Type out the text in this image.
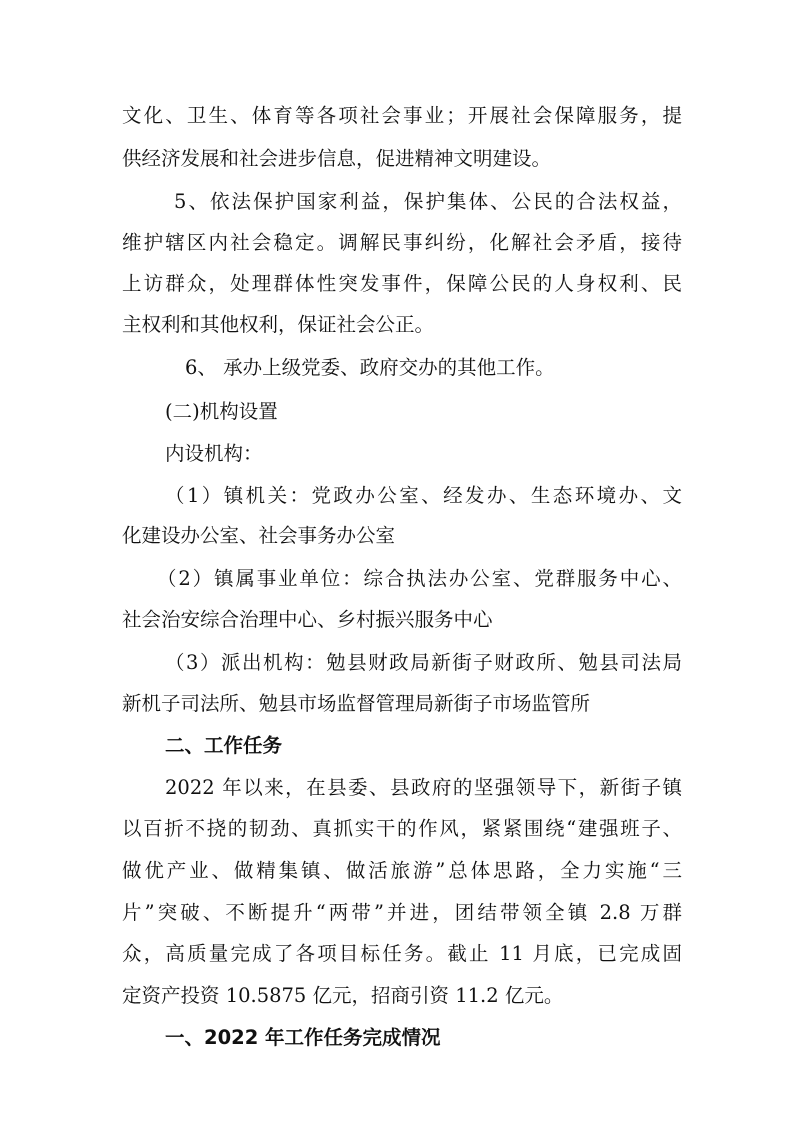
文化、卫生、体育等各项社会事业；开展社会保障服务，提
供经济发展和社会进步信息，促进精神文明建设。
5、依法保护国家利益，保护集体、公民的合法权益，
维护辖区内社会稳定。调解民事纠纷，化解社会矛盾，接待
上访群众，处理群体性突发事件，保障公民的人身权利、民
主权利和其他权利，保证社会公正。
6、 承办上级党委、政府交办的其他工作。
(二)机构设置
内设机构：
（1）镇机关：党政办公室、经发办、生态环境办、文
化建设办公室、社会事务办公室
（2）镇属事业单位：综合执法办公室、党群服务中心、
社会治安综合治理中心、乡村振兴服务中心
（3）派出机构：勉县财政局新街子财政所、勉县司法局
新机子司法所、勉县市场监督管理局新街子市场监管所
二、工作任务
2022 年以来，在县委、县政府的坚强领导下，新街子镇
以百折不挠的韧劲、真抓实干的作风，紧紧围绕“建强班子、
做优产业、做精集镇、做活旅游”总体思路，全力实施“三
片”突破、不断提升“两带”并进，团结带领全镇 2.8 万群
众，高质量完成了各项目标任务。截止 11 月底，已完成固
定资产投资 10.5875 亿元，招商引资 11.2 亿元。
一、2022 年工作任务完成情况
